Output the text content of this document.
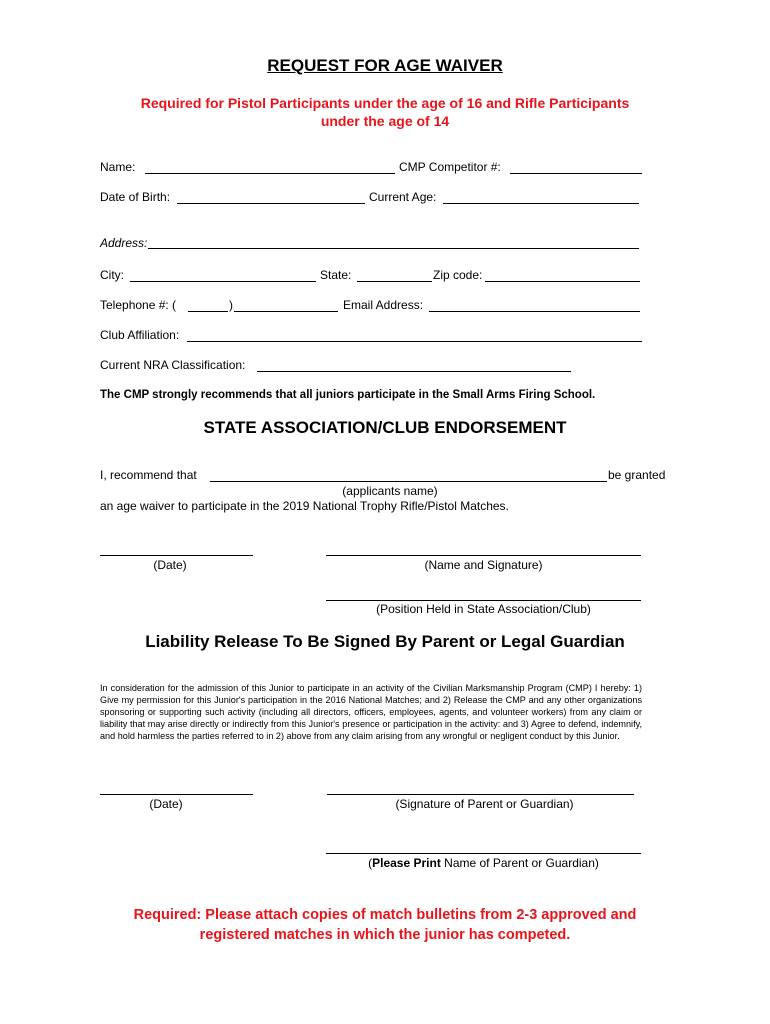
REQUEST FOR AGE WAIVER
Required for Pistol Participants under the age of 16 and Rifle Participants
under the age of 14
Name:	CMP Competitor #:
Date of Birth:	Current Age:
Address:
City:	State:	Zip code:
Telephone #: (	)	Email Address:
Club Affiliation:
Current NRA Classification:
The CMP strongly recommends that all juniors participate in the Small Arms Firing School.
STATE ASSOCIATION/CLUB ENDORSEMENT
I, recommend that	be granted
(applicants name)
an age waiver to participate in the 2019 National Trophy Rifle/Pistol Matches.
(Date)	(Name and Signature)
(Position Held in State Association/Club)
Liability Release To Be Signed By Parent or Legal Guardian
In consideration for the admission of this Junior to participate in an activity of the Civilian Marksmanship Program (CMP) I hereby: 1) Give my permission for this Junior's participation in the 2016 National Matches; and 2) Release the CMP and any other organizations sponsoring or supporting such activity (including all directors, officers, employees, agents, and volunteer workers) from any claim or liability that may arise directly or indirectly from this Junior's presence or participation in the activity: and 3) Agree to defend, indemnify, and hold harmless the parties referred to in 2) above from any claim arising from any wrongful or negligent conduct by this Junior.
(Date)	(Signature of Parent or Guardian)
(Please Print Name of Parent or Guardian)
Required: Please attach copies of match bulletins from 2-3 approved and
registered matches in which the junior has competed.
